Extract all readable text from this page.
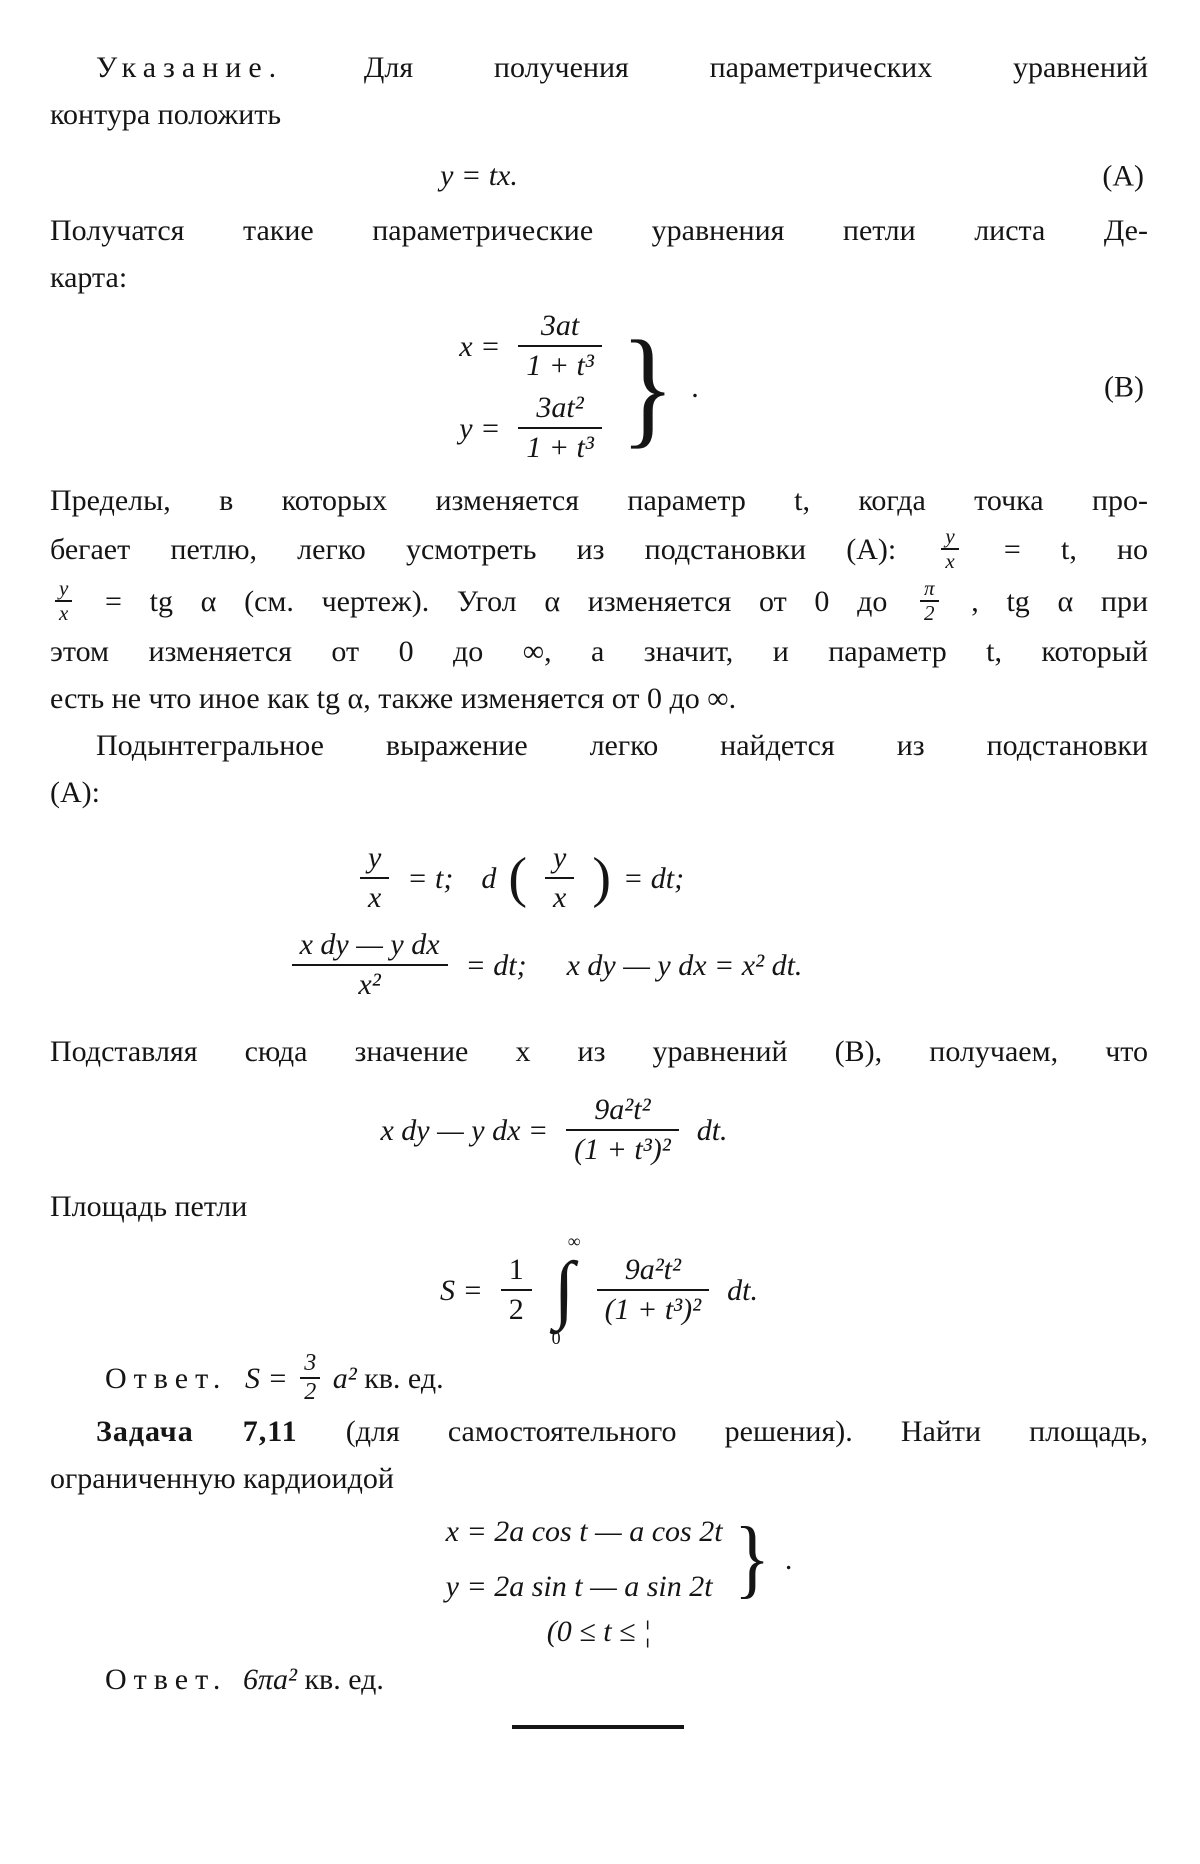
Указание.	Для получения параметрических уравнений

контура положить

y = tx.	(A)

Получатся такие параметрические уравнения петли листа Де-

карта:

$x = \frac{3at}{\text{1 + t³}}$
$y = \frac{\text{3at²}}{\text{1 + t³}}$ } .	(B)

Пределы, в которых изменяется параметр t, когда точка про-

бегает петлю, легко усмотреть из подстановки (A): $\frac{y}{x} = t$, но

$\frac{y}{x}$ = tg α (см. чертеж). Угол α изменяется от 0 до $\frac{\pi}{2}$ , tg α при

этом изменяется от 0 до ∞, а значит, и параметр t, который

есть не что иное как tg α, также изменяется от 0 до ∞.

Подынтегральное выражение легко найдется из подстановки

(A):

$\frac{y}{x} = t$; d ( $\frac{y}{x}$ ) = dt;
$\frac{\text{x dy — y dx}}{\text{x²}}$ = dt; x dy — y dx = x² dt.

Подставляя сюда значение x из уравнений (B), получаем, что

x dy — y dx = $\frac{\text{9a²t²}}{\text{(1 + t³)²}}$ dt.

Площадь петли

$S = \frac{1}{2}$
∞
∫
0
$\frac{\text{9a²t²}}{\text{(1 + t³)²}}$ dt.

Ответ. $S = \frac{3}{2} a^2$ кв. ед.

Задача 7,11 (для самостоятельного решения). Найти площадь,

ограниченную кардиоидой

x = 2a cos t — a cos 2t
y = 2a sin t — a sin 2t } .

(0 ≤ t ≤ ¦

Ответ. 6πa² кв. ед.
